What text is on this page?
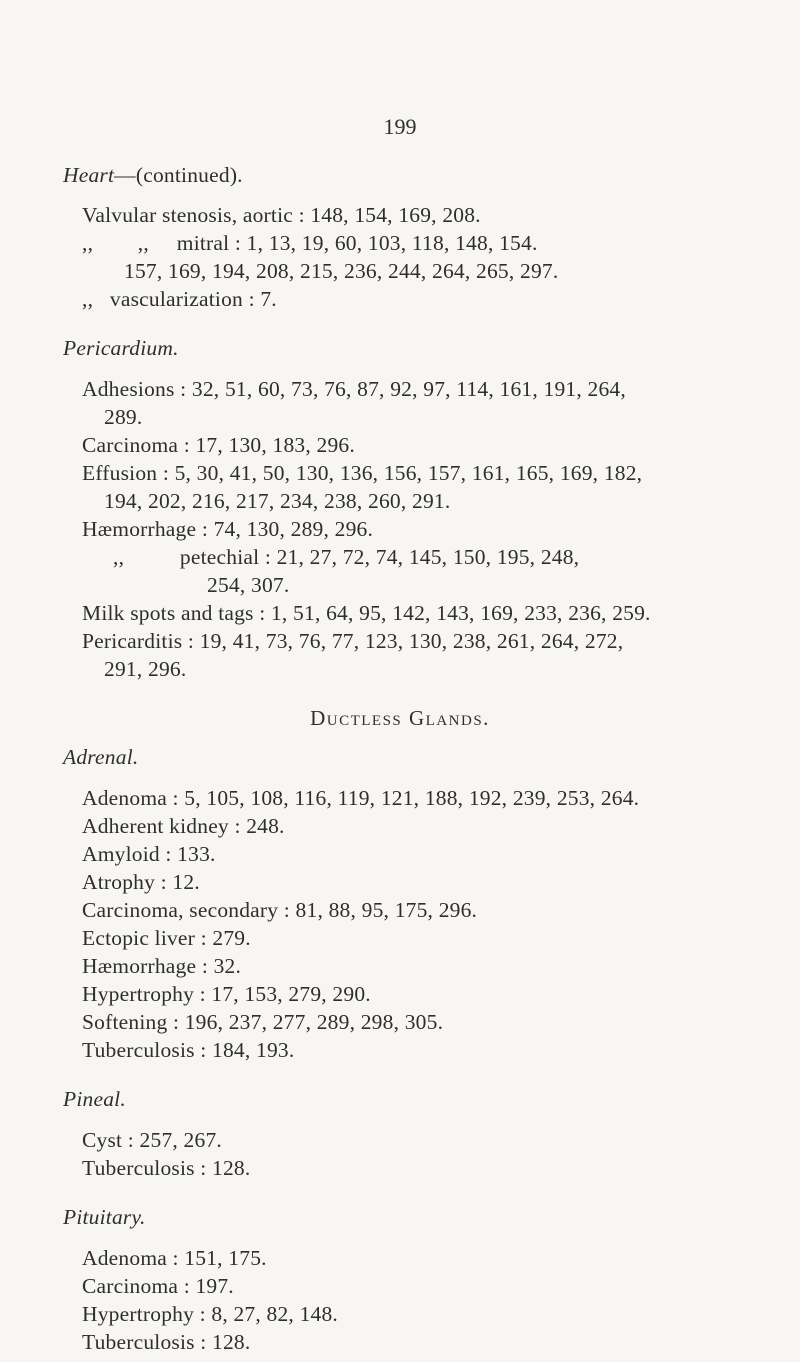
199
Heart—(continued).
Valvular stenosis, aortic : 148, 154, 169, 208.
,,        ,,     mitral : 1, 13, 19, 60, 103, 118, 148, 154.
157, 169, 194, 208, 215, 236, 244, 264, 265, 297.
,,   vascularization : 7.
Pericardium.
Adhesions : 32, 51, 60, 73, 76, 87, 92, 97, 114, 161, 191, 264,
289.
Carcinoma : 17, 130, 183, 296.
Effusion : 5, 30, 41, 50, 130, 136, 156, 157, 161, 165, 169, 182,
194, 202, 216, 217, 234, 238, 260, 291.
Hæmorrhage : 74, 130, 289, 296.
,,          petechial : 21, 27, 72, 74, 145, 150, 195, 248,
254, 307.
Milk spots and tags : 1, 51, 64, 95, 142, 143, 169, 233, 236, 259.
Pericarditis : 19, 41, 73, 76, 77, 123, 130, 238, 261, 264, 272,
291, 296.
Ductless Glands.
Adrenal.
Adenoma : 5, 105, 108, 116, 119, 121, 188, 192, 239, 253, 264.
Adherent kidney : 248.
Amyloid : 133.
Atrophy : 12.
Carcinoma, secondary : 81, 88, 95, 175, 296.
Ectopic liver : 279.
Hæmorrhage : 32.
Hypertrophy : 17, 153, 279, 290.
Softening : 196, 237, 277, 289, 298, 305.
Tuberculosis : 184, 193.
Pineal.
Cyst : 257, 267.
Tuberculosis : 128.
Pituitary.
Adenoma : 151, 175.
Carcinoma : 197.
Hypertrophy : 8, 27, 82, 148.
Tuberculosis : 128.
